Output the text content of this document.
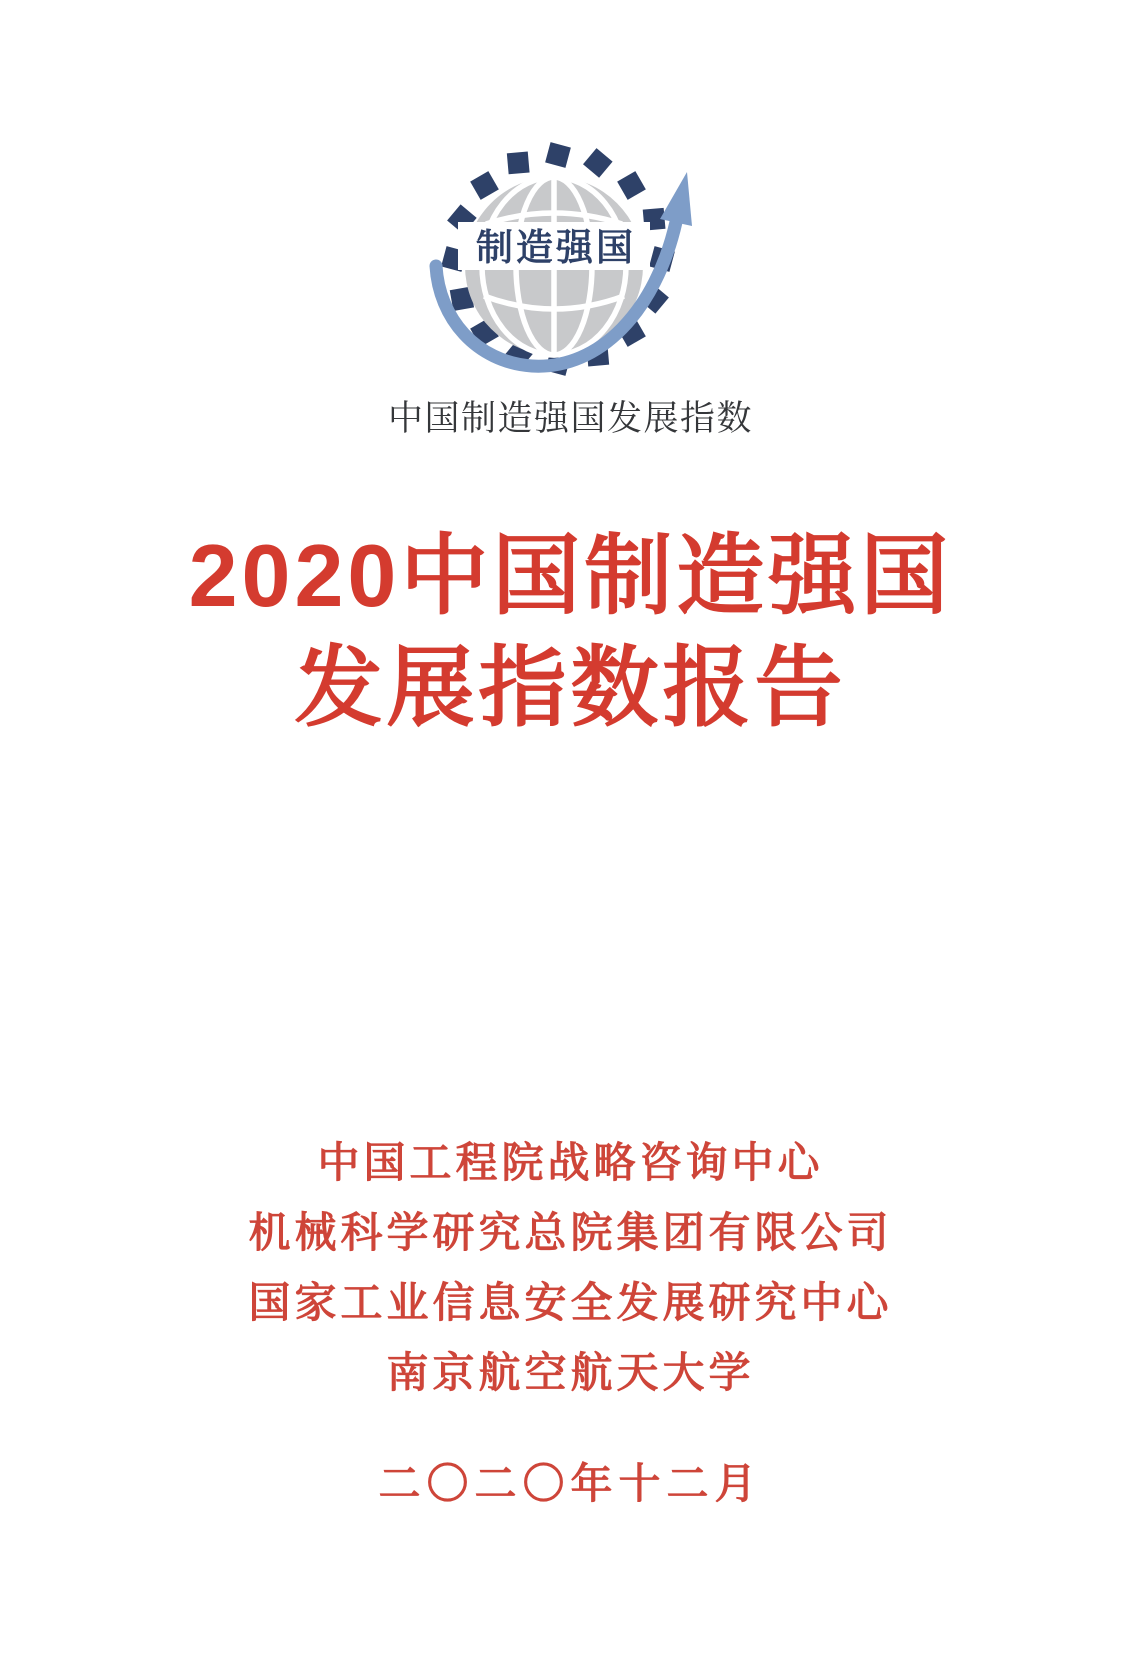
制造强国
中国制造强国发展指数
2020中国制造强国
发展指数报告
中国工程院战略咨询中心
机械科学研究总院集团有限公司
国家工业信息安全发展研究中心
南京航空航天大学
二〇二〇年十二月
